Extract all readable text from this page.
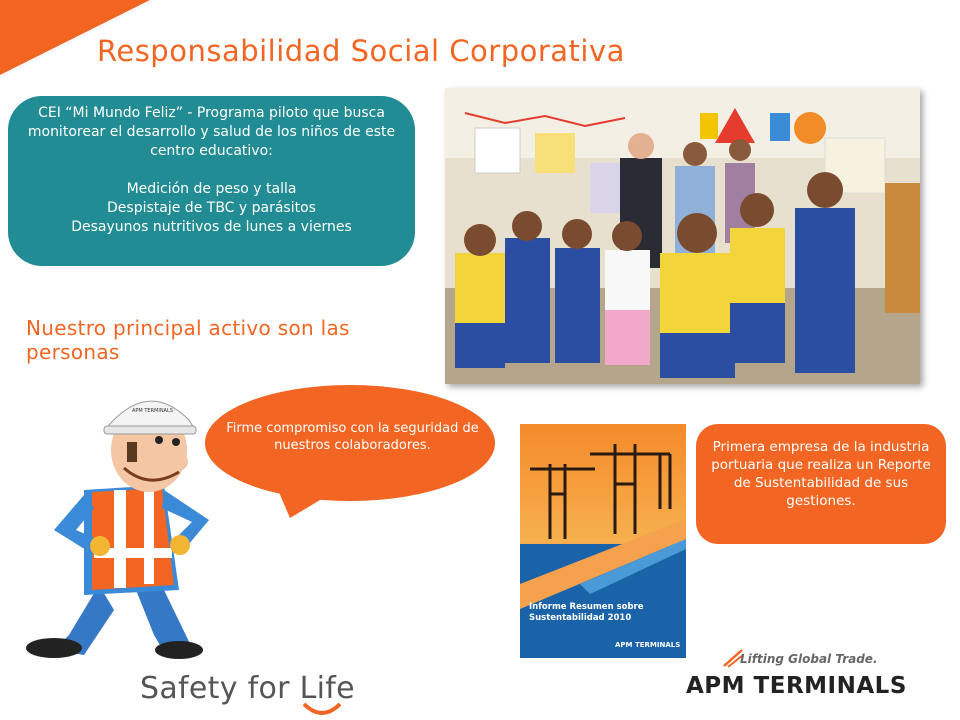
Responsabilidad Social Corporativa

CEI “Mi Mundo Feliz” - Programa piloto que busca monitorear el desarrollo y salud de los niños de este centro educativo:

Medición de peso y talla

Despistaje de TBC y parásitos

Desayunos nutritivos de lunes a viernes

Nuestro principal activo son las personas
APM TERMINALS
Firme compromiso con la seguridad de nuestros colaboradores.
Informe Resumen sobre Sustentabilidad 2010
APM TERMINALS
Primera empresa de la industria portuaria que realiza un Reporte de Sustentabilidad de sus gestiones.
Safety for Life
Lifting Global Trade.
APM TERMINALS
